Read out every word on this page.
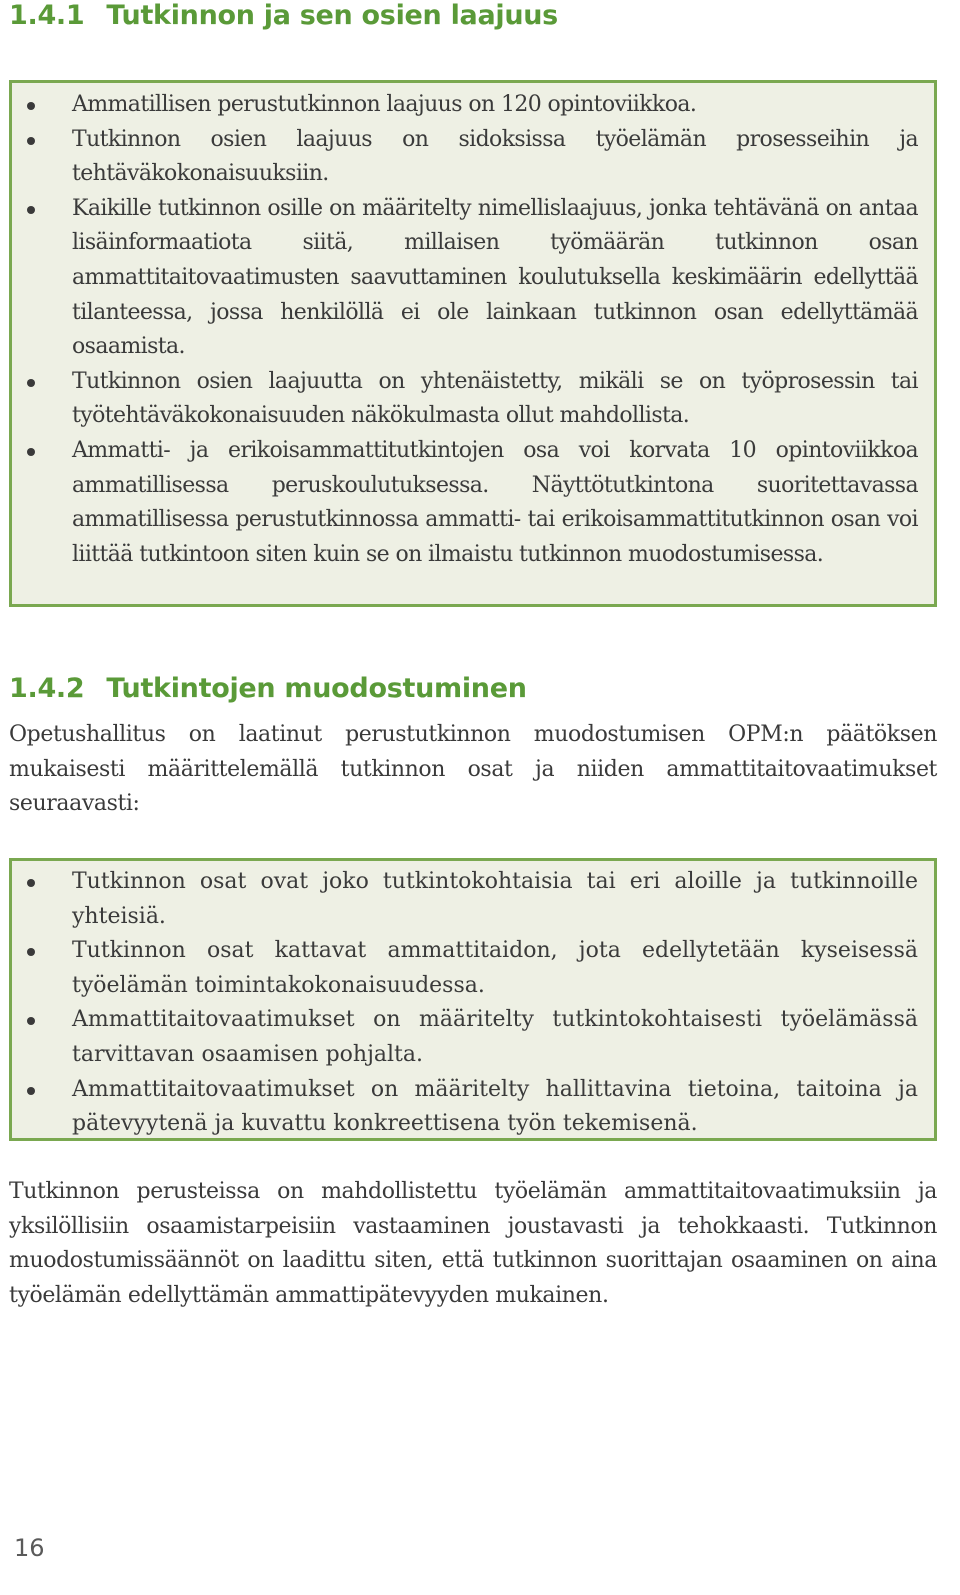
1.4.1 Tutkinnon ja sen osien laajuus
Ammatillisen perustutkinnon laajuus on 120 opintoviikkoa.
Tutkinnon osien laajuus on sidoksissa työelämän prosesseihin ja tehtäväkokonaisuuksiin.
Kaikille tutkinnon osille on määritelty nimellislaajuus, jonka tehtävänä on antaa lisäinformaatiota siitä, millaisen työmäärän tutkinnon osan ammattitaitovaatimusten saavuttaminen koulutuksella keskimäärin edellyttää tilanteessa, jossa henkilöllä ei ole lainkaan tutkinnon osan edellyttämää osaamista.
Tutkinnon osien laajuutta on yhtenäistetty, mikäli se on työprosessin tai työtehtäväkokonaisuuden näkökulmasta ollut mahdollista.
Ammatti- ja erikoisammattitutkintojen osa voi korvata 10 opintoviikkoa ammatillisessa peruskoulutuksessa. Näyttötutkintona suoritettavassa ammatillisessa perustutkinnossa ammatti- tai erikoisammattitutkinnon osan voi liittää tutkintoon siten kuin se on ilmaistu tutkinnon muodostumisessa.
1.4.2 Tutkintojen muodostuminen

Opetushallitus on laatinut perustutkinnon muodostumisen OPM:n päätöksen mukaisesti määrittelemällä tutkinnon osat ja niiden ammattitaitovaatimukset seuraavasti:

Tutkinnon osat ovat joko tutkintokohtaisia tai eri aloille ja tutkinnoille yhteisiä.
Tutkinnon osat kattavat ammattitaidon, jota edellytetään kyseisessä työelämän toimintakokonaisuudessa.
Ammattitaitovaatimukset on määritelty tutkintokohtaisesti työelämässä tarvittavan osaamisen pohjalta.
Ammattitaitovaatimukset on määritelty hallittavina tietoina, taitoina ja pätevyytenä ja kuvattu konkreettisena työn tekemisenä.

Tutkinnon perusteissa on mahdollistettu työelämän ammattitaitovaatimuksiin ja yksilöllisiin osaamistarpeisiin vastaaminen joustavasti ja tehokkaasti. Tutkinnon muodostumissäännöt on laadittu siten, että tutkinnon suorittajan osaaminen on aina työelämän edellyttämän ammattipätevyyden mukainen.

16
